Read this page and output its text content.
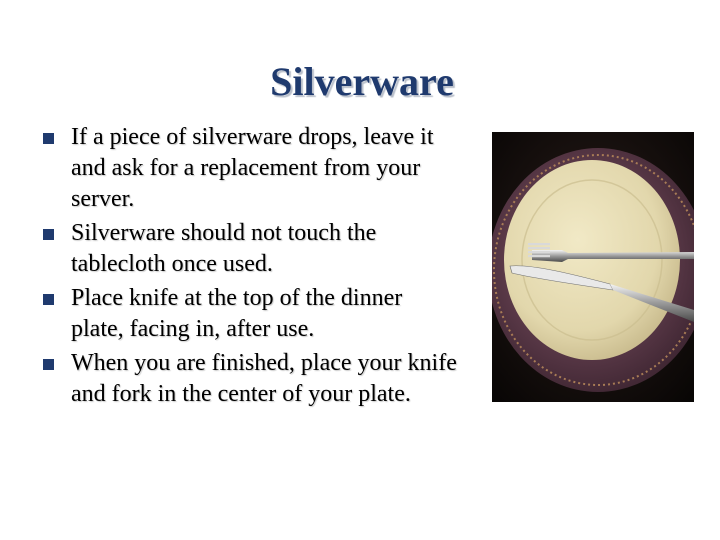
Silverware
If a piece of silverware drops, leave it and ask for a replacement from your server.
Silverware should not touch the tablecloth once used.
Place knife at the top of the dinner plate, facing in, after use.
When you are finished, place your knife and fork in the center of your plate.
